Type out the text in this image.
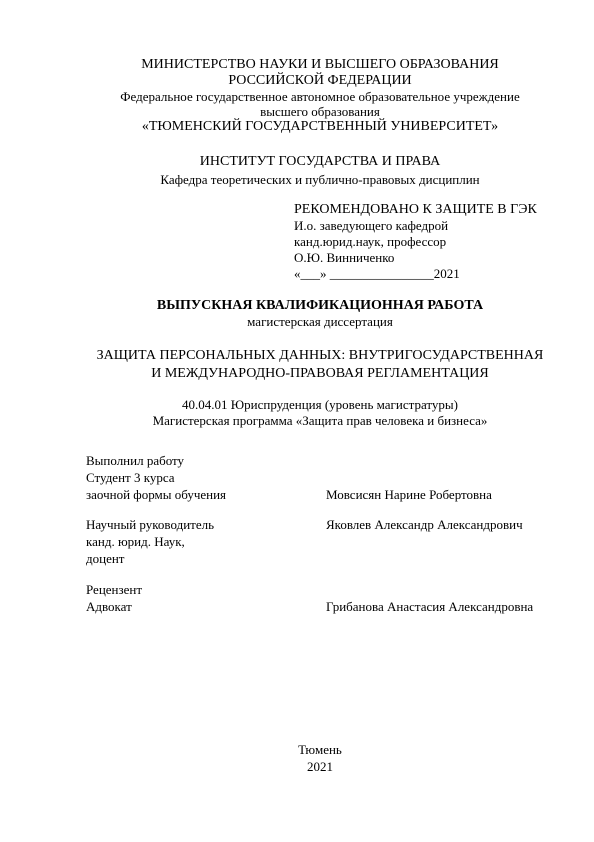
МИНИСТЕРСТВО НАУКИ И ВЫСШЕГО ОБРАЗОВАНИЯ
РОССИЙСКОЙ ФЕДЕРАЦИИ
Федеральное государственное автономное образовательное учреждение
высшего образования
«ТЮМЕНСКИЙ ГОСУДАРСТВЕННЫЙ УНИВЕРСИТЕТ»
ИНСТИТУТ ГОСУДАРСТВА И ПРАВА
Кафедра теоретических и публично-правовых дисциплин
РЕКОМЕНДОВАНО К ЗАЩИТЕ В ГЭК
И.о. заведующего кафедрой
канд.юрид.наук, профессор
О.Ю. Винниченко
«___» ________________2021
ВЫПУСКНАЯ КВАЛИФИКАЦИОННАЯ РАБОТА
магистерская диссертация
ЗАЩИТА ПЕРСОНАЛЬНЫХ ДАННЫХ: ВНУТРИГОСУДАРСТВЕННАЯ
И МЕЖДУНАРОДНО-ПРАВОВАЯ РЕГЛАМЕНТАЦИЯ
40.04.01 Юриспруденция (уровень магистратуры)
Магистерская программа «Защита прав человека и бизнеса»
Выполнил работу
Студент 3 курса
заочной формы обучения	Мовсисян Нарине Робертовна
Научный руководитель
канд. юрид. Наук,
доцент
Яковлев Александр Александрович
Рецензент
Адвокат	Грибанова Анастасия Александровна
Тюмень
2021
